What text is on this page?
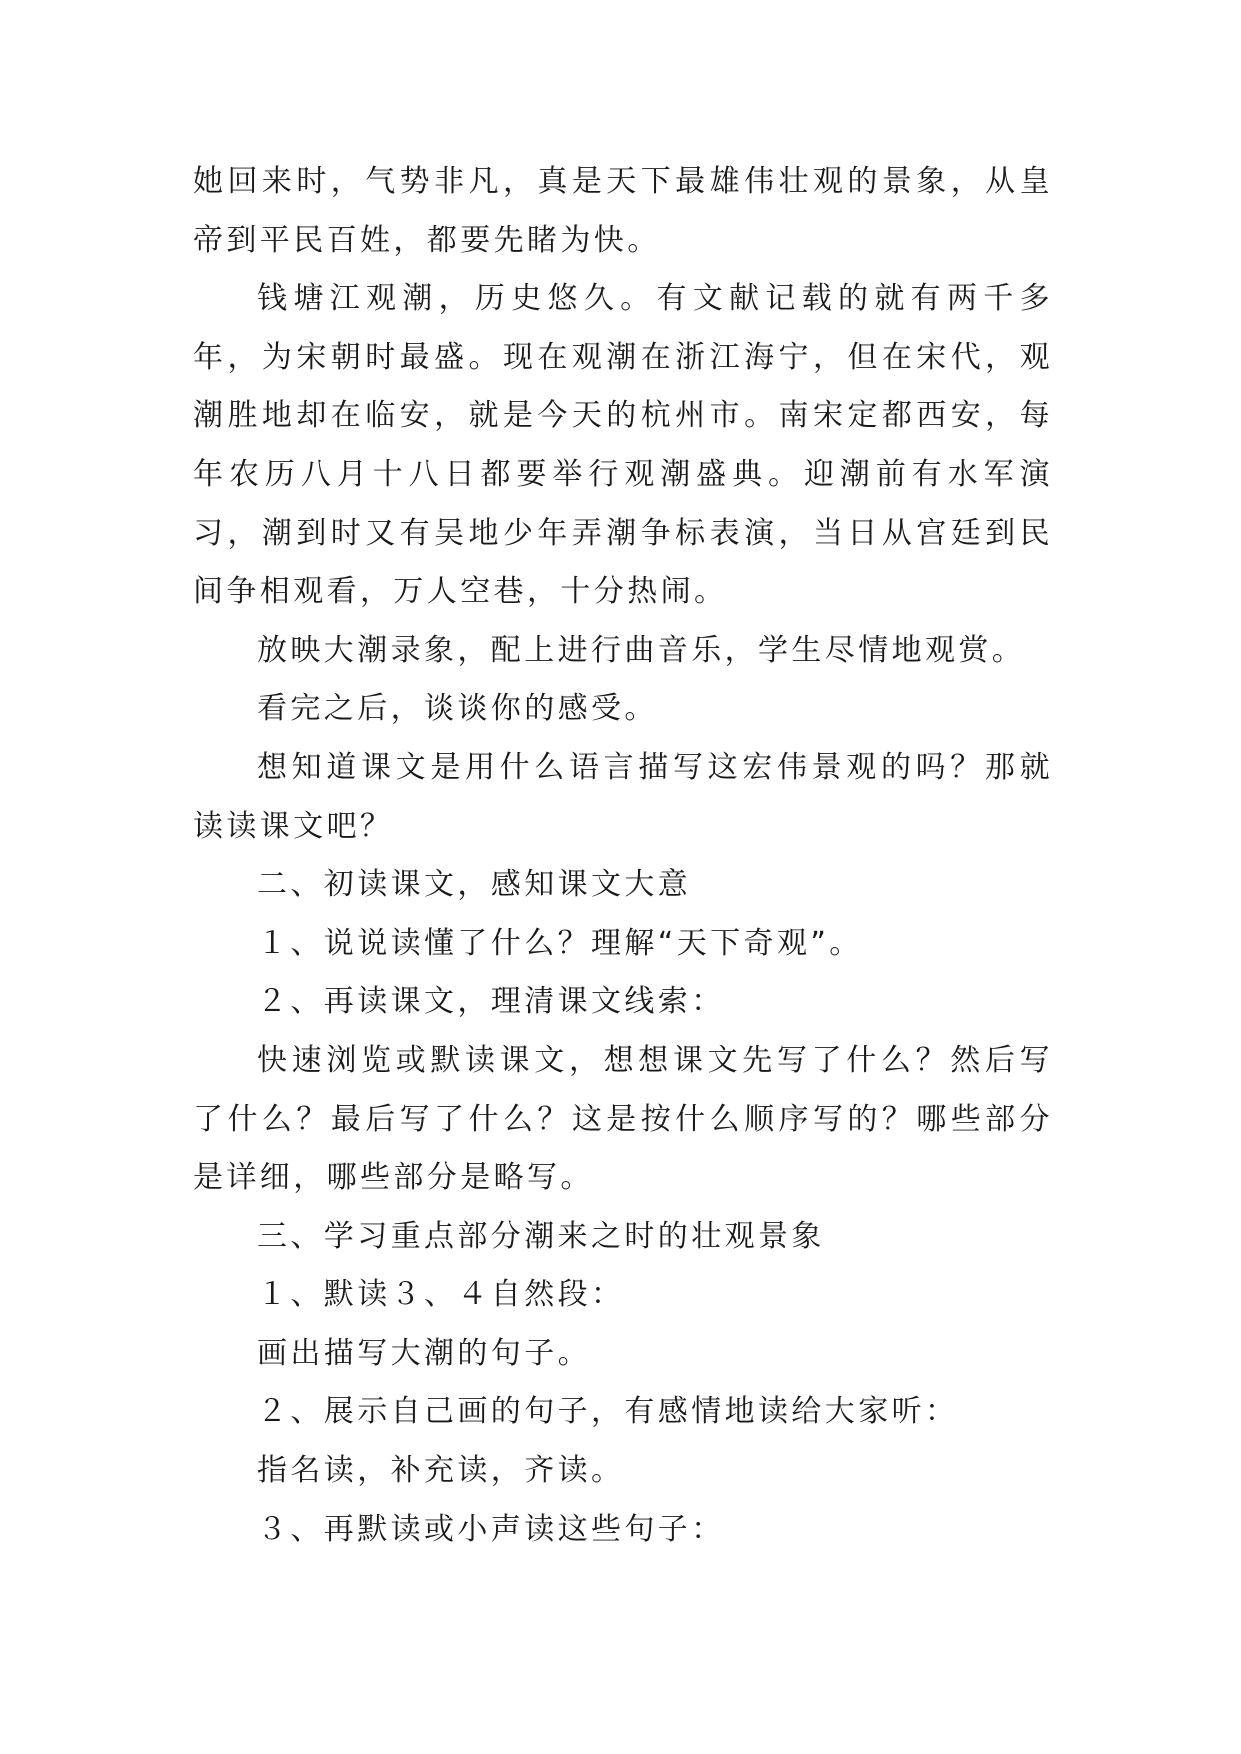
她回来时，气势非凡，真是天下最雄伟壮观的景象，从皇帝到平民百姓，都要先睹为快。

钱塘江观潮，历史悠久。有文献记载的就有两千多年，为宋朝时最盛。现在观潮在浙江海宁，但在宋代，观潮胜地却在临安，就是今天的杭州市。南宋定都西安，每年农历八月十八日都要举行观潮盛典。迎潮前有水军演习，潮到时又有吴地少年弄潮争标表演，当日从宫廷到民间争相观看，万人空巷，十分热闹。

放映大潮录象，配上进行曲音乐，学生尽情地观赏。

看完之后，谈谈你的感受。

想知道课文是用什么语言描写这宏伟景观的吗？那就读读课文吧？

二、初读课文，感知课文大意

１、说说读懂了什么？理解“天下奇观”。

２、再读课文，理清课文线索：

快速浏览或默读课文，想想课文先写了什么？然后写了什么？最后写了什么？这是按什么顺序写的？哪些部分是详细，哪些部分是略写。

三、学习重点部分潮来之时的壮观景象

１、默读３、４自然段：

画出描写大潮的句子。

２、展示自己画的句子，有感情地读给大家听：

指名读，补充读，齐读。

３、再默读或小声读这些句子：
